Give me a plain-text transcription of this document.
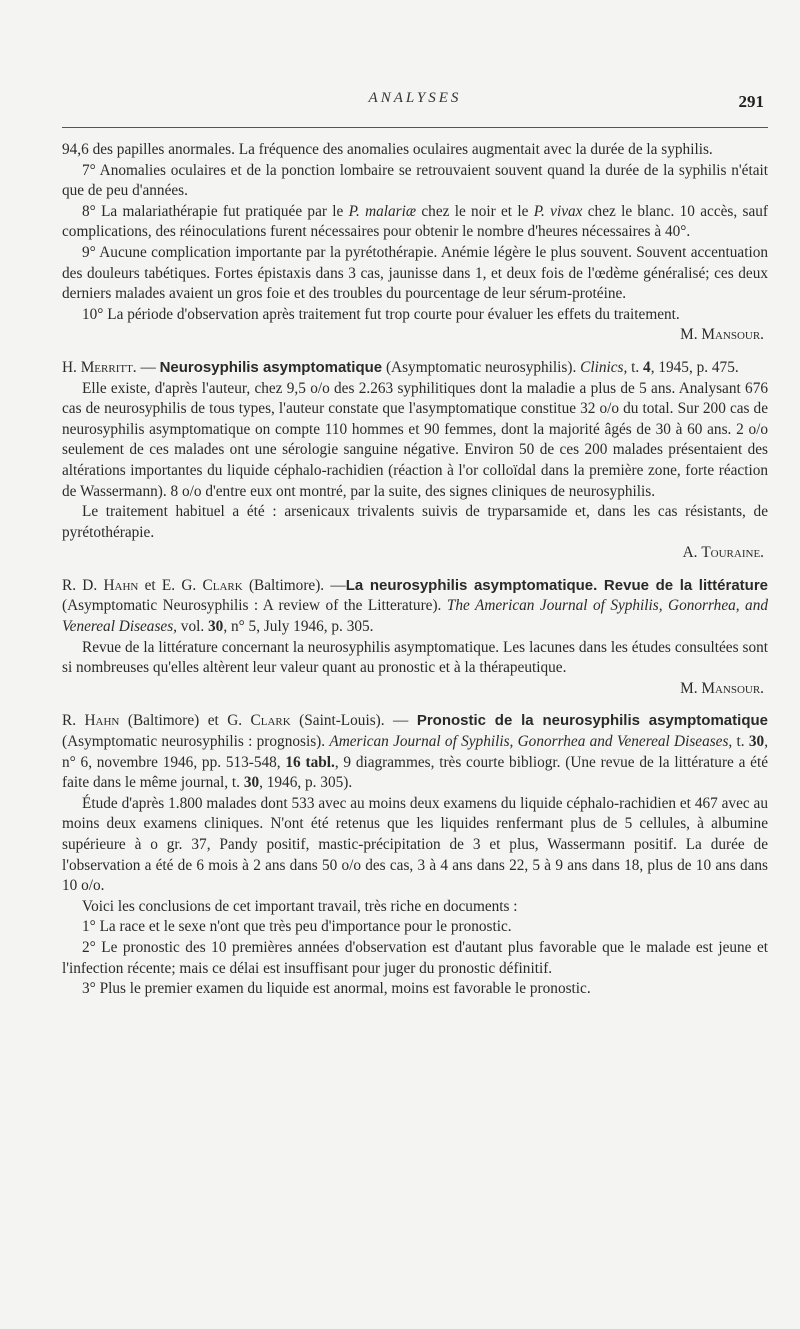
ANALYSES	291

94,6 des papilles anormales. La fréquence des anomalies oculaires augmentait avec la durée de la syphilis.

7° Anomalies oculaires et de la ponction lombaire se retrouvaient souvent quand la durée de la syphilis n'était que de peu d'années.

8° La malariathérapie fut pratiquée par le P. malariæ chez le noir et le P. vivax chez le blanc. 10 accès, sauf complications, des réinoculations furent nécessaires pour obtenir le nombre d'heures nécessaires à 40°.

9° Aucune complication importante par la pyrétothérapie. Anémie légère le plus souvent. Souvent accentuation des douleurs tabétiques. Fortes épistaxis dans 3 cas, jaunisse dans 1, et deux fois de l'œdème généralisé; ces deux derniers malades avaient un gros foie et des troubles du pourcentage de leur sérum-protéine.

10° La période d'observation après traitement fut trop courte pour évaluer les effets du traitement.

M. Mansour.

H. Merritt. — Neurosyphilis asymptomatique (Asymptomatic neurosyphilis). Clinics, t. 4, 1945, p. 475.

Elle existe, d'après l'auteur, chez 9,5 o/o des 2.263 syphilitiques dont la maladie a plus de 5 ans. Analysant 676 cas de neurosyphilis de tous types, l'auteur constate que l'asymptomatique constitue 32 o/o du total. Sur 200 cas de neurosyphilis asymptomatique on compte 110 hommes et 90 femmes, dont la majorité âgés de 30 à 60 ans. 2 o/o seulement de ces malades ont une sérologie sanguine négative. Environ 50 de ces 200 malades présentaient des altérations importantes du liquide céphalo-rachidien (réaction à l'or colloïdal dans la première zone, forte réaction de Wassermann). 8 o/o d'entre eux ont montré, par la suite, des signes cliniques de neurosyphilis.

Le traitement habituel a été : arsenicaux trivalents suivis de tryparsamide et, dans les cas résistants, de pyrétothérapie.

A. Touraine.

R. D. Hahn et E. G. Clark (Baltimore). —La neurosyphilis asymptomatique. Revue de la littérature (Asymptomatic Neurosyphilis : A review of the Litterature). The American Journal of Syphilis, Gonorrhea, and Venereal Diseases, vol. 30, n° 5, July 1946, p. 305.

Revue de la littérature concernant la neurosyphilis asymptomatique. Les lacunes dans les études consultées sont si nombreuses qu'elles altèrent leur valeur quant au pronostic et à la thérapeutique.

M. Mansour.

R. Hahn (Baltimore) et G. Clark (Saint-Louis). — Pronostic de la neurosyphilis asymptomatique (Asymptomatic neurosyphilis : prognosis). American Journal of Syphilis, Gonorrhea and Venereal Diseases, t. 30, n° 6, novembre 1946, pp. 513-548, 16 tabl., 9 diagrammes, très courte bibliogr. (Une revue de la littérature a été faite dans le même journal, t. 30, 1946, p. 305).

Étude d'après 1.800 malades dont 533 avec au moins deux examens du liquide céphalo-rachidien et 467 avec au moins deux examens cliniques. N'ont été retenus que les liquides renfermant plus de 5 cellules, à albumine supérieure à o gr. 37, Pandy positif, mastic-précipitation de 3 et plus, Wassermann positif. La durée de l'observation a été de 6 mois à 2 ans dans 50 o/o des cas, 3 à 4 ans dans 22, 5 à 9 ans dans 18, plus de 10 ans dans 10 o/o.

Voici les conclusions de cet important travail, très riche en documents :

1° La race et le sexe n'ont que très peu d'importance pour le pronostic.

2° Le pronostic des 10 premières années d'observation est d'autant plus favorable que le malade est jeune et l'infection récente; mais ce délai est insuffisant pour juger du pronostic définitif.

3° Plus le premier examen du liquide est anormal, moins est favorable le pronostic.
